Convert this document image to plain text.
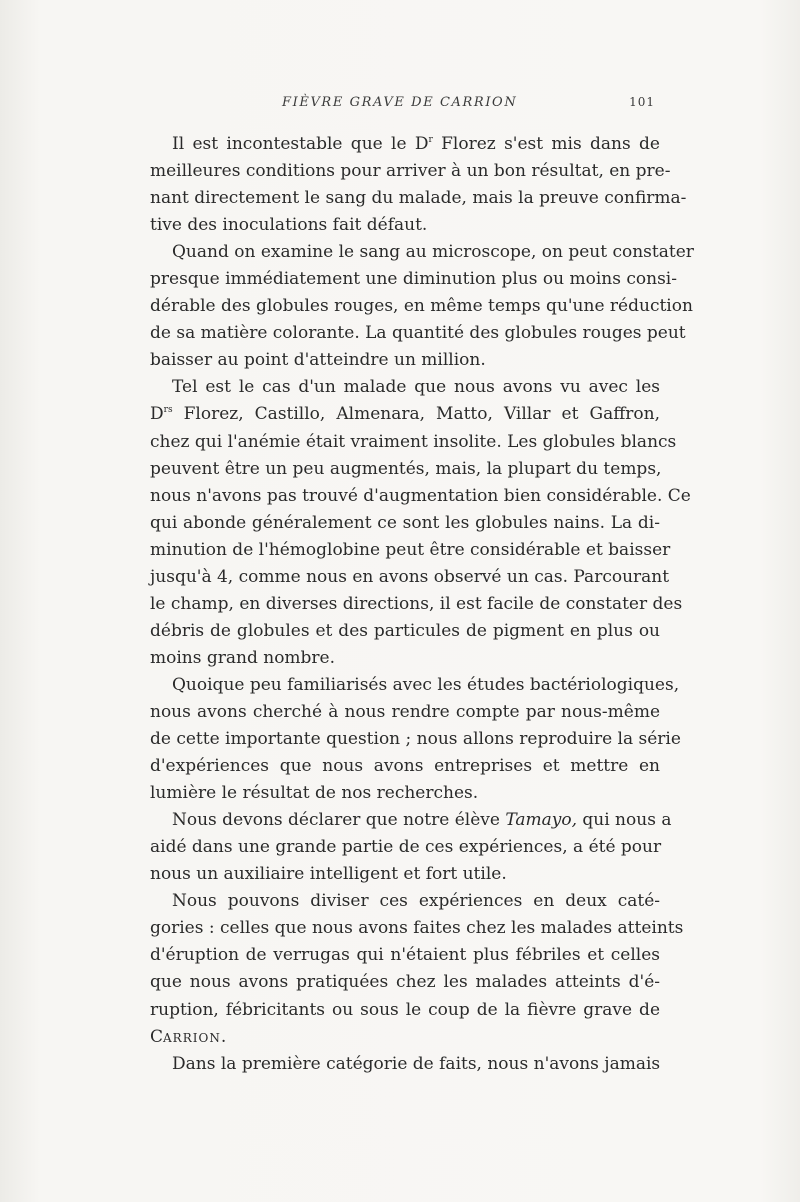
FIÈVRE GRAVE DE CARRION	101
Il est incontestable que le $D^r$ Florez s'est mis dans de
meilleures conditions pour arriver à un bon résultat, en pre-
nant directement le sang du malade, mais la preuve confirma-
tive des inoculations fait défaut.
Quand on examine le sang au microscope, on peut constater
presque immédiatement une diminution plus ou moins consi-
dérable des globules rouges, en même temps qu'une réduction
de sa matière colorante. La quantité des globules rouges peut
baisser au point d'atteindre un million.
Tel est le cas d'un malade que nous avons vu avec les
$D^{rs}$ Florez, Castillo, Almenara, Matto, Villar et Gaffron,
chez qui l'anémie était vraiment insolite. Les globules blancs
peuvent être un peu augmentés, mais, la plupart du temps,
nous n'avons pas trouvé d'augmentation bien considérable. Ce
qui abonde généralement ce sont les globules nains. La di-
minution de l'hémoglobine peut être considérable et baisser
jusqu'à 4, comme nous en avons observé un cas. Parcourant
le champ, en diverses directions, il est facile de constater des
débris de globules et des particules de pigment en plus ou
moins grand nombre.
Quoique peu familiarisés avec les études bactériologiques,
nous avons cherché à nous rendre compte par nous-même
de cette importante question ; nous allons reproduire la série
d'expériences que nous avons entreprises et mettre en
lumière le résultat de nos recherches.
Nous devons déclarer que notre élève Tamayo, qui nous a
aidé dans une grande partie de ces expériences, a été pour
nous un auxiliaire intelligent et fort utile.
Nous pouvons diviser ces expériences en deux caté-
gories : celles que nous avons faites chez les malades atteints
d'éruption de verrugas qui n'étaient plus fébriles et celles
que nous avons pratiquées chez les malades atteints d'é-
ruption, fébricitants ou sous le coup de la fièvre grave de
CARRION.
Dans la première catégorie de faits, nous n'avons jamais
